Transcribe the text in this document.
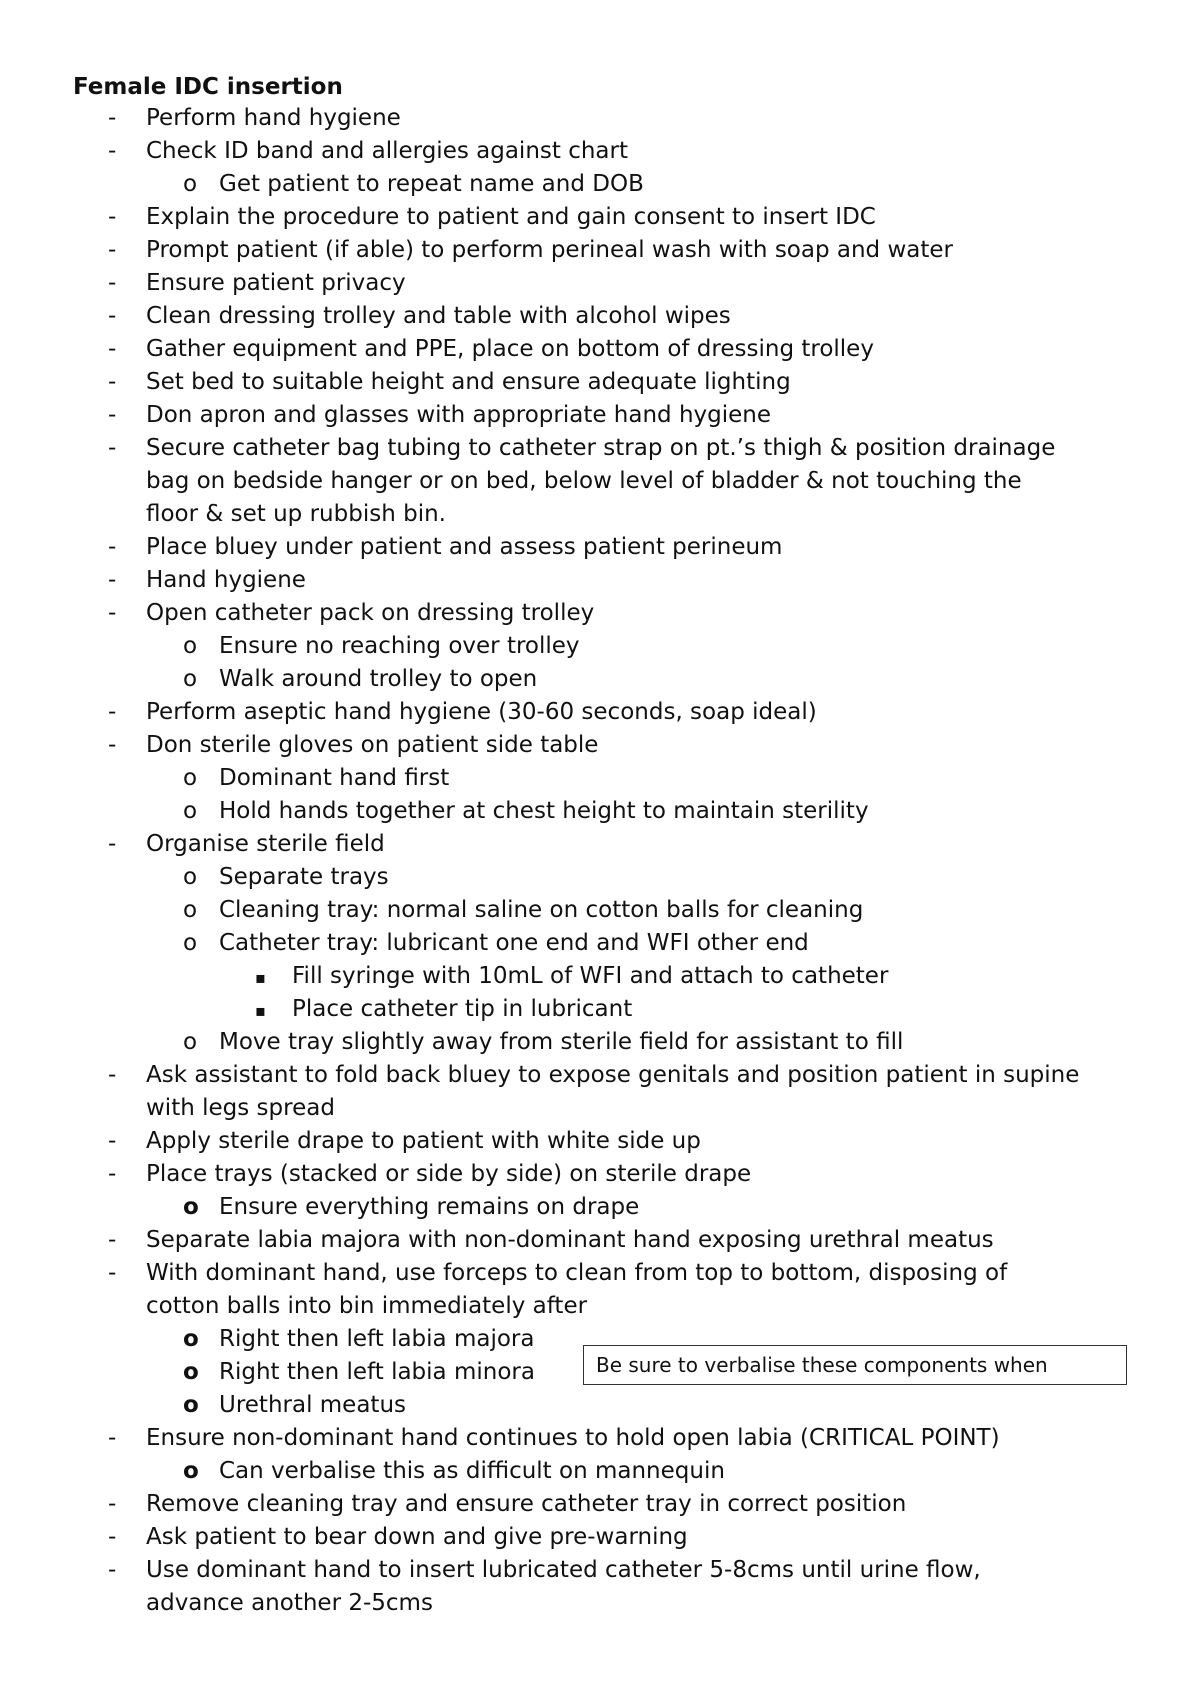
Female IDC insertion
- Perform hand hygiene
- Check ID band and allergies against chart
o Get patient to repeat name and DOB
- Explain the procedure to patient and gain consent to insert IDC
- Prompt patient (if able) to perform perineal wash with soap and water
- Ensure patient privacy
- Clean dressing trolley and table with alcohol wipes
- Gather equipment and PPE, place on bottom of dressing trolley
- Set bed to suitable height and ensure adequate lighting
- Don apron and glasses with appropriate hand hygiene
- Secure catheter bag tubing to catheter strap on pt.’s thigh & position drainage
bag on bedside hanger or on bed, below level of bladder & not touching the
floor & set up rubbish bin.
- Place bluey under patient and assess patient perineum
- Hand hygiene
- Open catheter pack on dressing trolley
o Ensure no reaching over trolley
o Walk around trolley to open
- Perform aseptic hand hygiene (30-60 seconds, soap ideal)
- Don sterile gloves on patient side table
o Dominant hand first
o Hold hands together at chest height to maintain sterility
- Organise sterile field
o Separate trays
o Cleaning tray: normal saline on cotton balls for cleaning
o Catheter tray: lubricant one end and WFI other end
▪ Fill syringe with 10mL of WFI and attach to catheter
▪ Place catheter tip in lubricant
o Move tray slightly away from sterile field for assistant to fill
- Ask assistant to fold back bluey to expose genitals and position patient in supine
with legs spread
- Apply sterile drape to patient with white side up
- Place trays (stacked or side by side) on sterile drape
o Ensure everything remains on drape
- Separate labia majora with non-dominant hand exposing urethral meatus
- With dominant hand, use forceps to clean from top to bottom, disposing of
cotton balls into bin immediately after
o Right then left labia majora
o Right then left labia minora
o Urethral meatus
- Ensure non-dominant hand continues to hold open labia (CRITICAL POINT)
o Can verbalise this as difficult on mannequin
- Remove cleaning tray and ensure catheter tray in correct position
- Ask patient to bear down and give pre-warning
- Use dominant hand to insert lubricated catheter 5-8cms until urine flow,
advance another 2-5cms
Be sure to verbalise these components when
